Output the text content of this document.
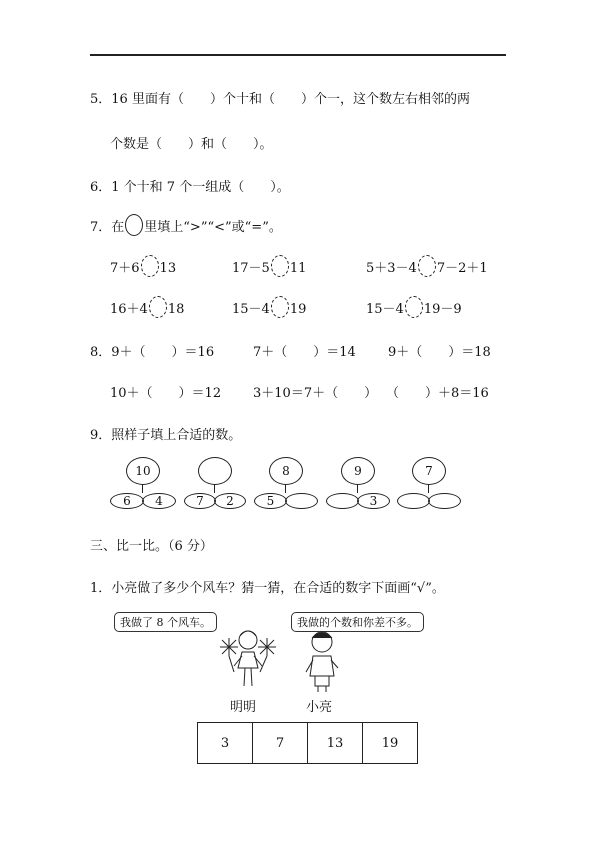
5．16 里面有（　　）个十和（　　）个一，这个数左右相邻的两
个数是（　　）和（　　）。
6．1 个十和 7 个一组成（　　）。
7．在 里填上“>”“<”或“=”。
7＋6 13	17－5 11	5＋3－4 7－2＋1
16＋4 18	15－4 19	15－4 19－9
8．9＋（　　）＝16	7＋（　　）＝14 9＋（　　）＝18
10＋（　　）＝12 3＋10＝7＋（　　） （　　）＋8＝16
9．照样子填上合适的数。
10
6	4	7	2
8
5
9
3
7
三、比一比。（6 分）
1．小亮做了多少个风车？猜一猜，在合适的数字下面画“√”。
我做了 8 个风车。	我做的个数和你差不多。
明明	小亮
3	7	13	19
